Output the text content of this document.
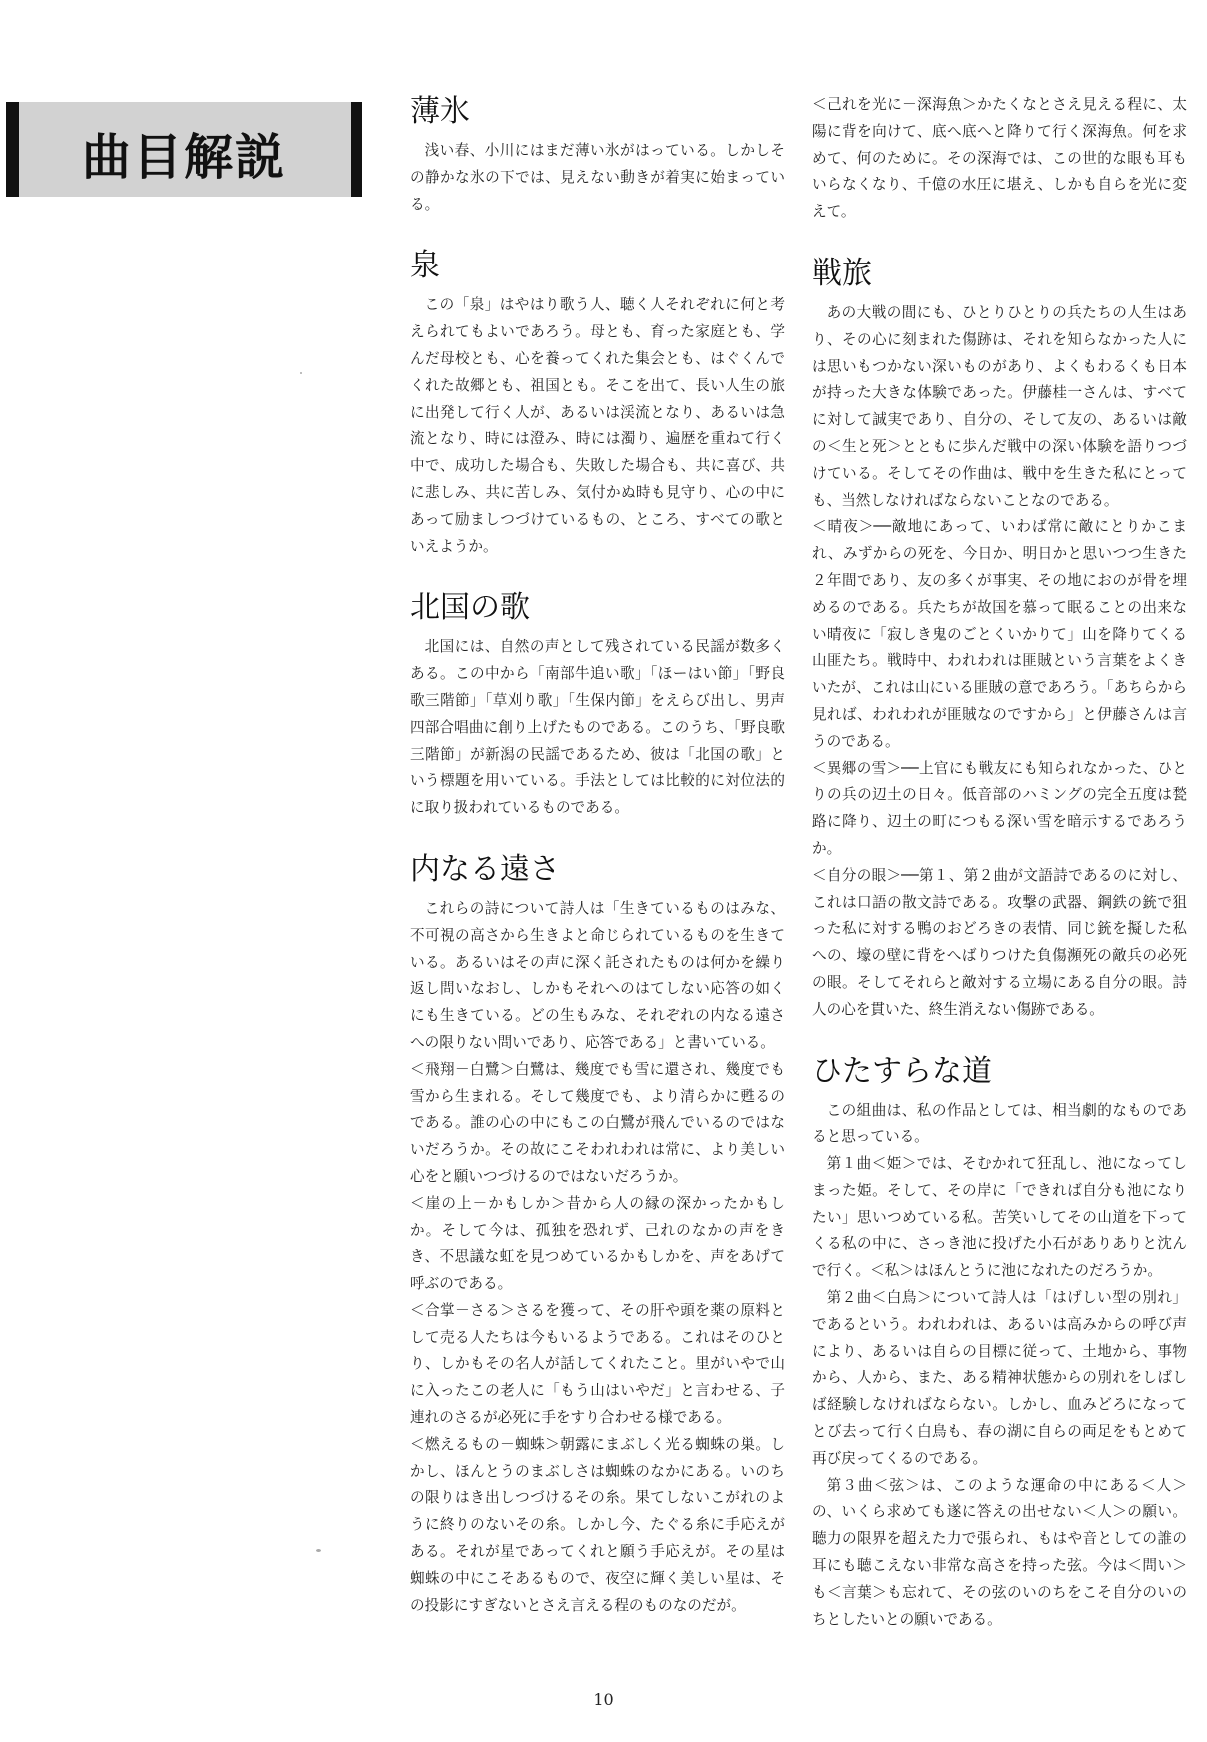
曲目解説
薄氷

浅い春、小川にはまだ薄い氷がはっている。しかしその静かな氷の下では、見えない動きが着実に始まっている。

泉

この「泉」はやはり歌う人、聴く人それぞれに何と考えられてもよいであろう。母とも、育った家庭とも、学んだ母校とも、心を養ってくれた集会とも、はぐくんでくれた故郷とも、祖国とも。そこを出て、長い人生の旅に出発して行く人が、あるいは渓流となり、あるいは急流となり、時には澄み、時には濁り、遍歴を重ねて行く中で、成功した場合も、失敗した場合も、共に喜び、共に悲しみ、共に苦しみ、気付かぬ時も見守り、心の中にあって励ましつづけているもの、ところ、すべての歌といえようか。

北国の歌

北国には、自然の声として残されている民謡が数多くある。この中から「南部牛追い歌」「ほーはい節」「野良歌三階節」「草刈り歌」「生保内節」をえらび出し、男声四部合唱曲に創り上げたものである。このうち、「野良歌三階節」が新潟の民謡であるため、彼は「北国の歌」という標題を用いている。手法としては比較的に対位法的に取り扱われているものである。

内なる遠さ

これらの詩について詩人は「生きているものはみな、不可視の高さから生きよと命じられているものを生きている。あるいはその声に深く託されたものは何かを繰り返し問いなおし、しかもそれへのはてしない応答の如くにも生きている。どの生もみな、それぞれの内なる遠さへの限りない問いであり、応答である」と書いている。

＜飛翔－白鷺＞白鷺は、幾度でも雪に還され、幾度でも雪から生まれる。そして幾度でも、より清らかに甦るのである。誰の心の中にもこの白鷺が飛んでいるのではないだろうか。その故にこそわれわれは常に、より美しい心をと願いつづけるのではないだろうか。

＜崖の上－かもしか＞昔から人の縁の深かったかもしか。そして今は、孤独を恐れず、己れのなかの声をきき、不思議な虹を見つめているかもしかを、声をあげて呼ぶのである。

＜合掌－さる＞さるを獲って、その肝や頭を薬の原料として売る人たちは今もいるようである。これはそのひとり、しかもその名人が話してくれたこと。里がいやで山に入ったこの老人に「もう山はいやだ」と言わせる、子連れのさるが必死に手をすり合わせる様である。

＜燃えるもの－蜘蛛＞朝露にまぶしく光る蜘蛛の巣。しかし、ほんとうのまぶしさは蜘蛛のなかにある。いのちの限りはき出しつづけるその糸。果てしないこがれのように終りのないその糸。しかし今、たぐる糸に手応えがある。それが星であってくれと願う手応えが。その星は蜘蛛の中にこそあるもので、夜空に輝く美しい星は、その投影にすぎないとさえ言える程のものなのだが。

＜己れを光に－深海魚＞かたくなとさえ見える程に、太陽に背を向けて、底へ底へと降りて行く深海魚。何を求めて、何のために。その深海では、この世的な眼も耳もいらなくなり、千億の水圧に堪え、しかも自らを光に変えて。

戦旅

あの大戦の間にも、ひとりひとりの兵たちの人生はあり、その心に刻まれた傷跡は、それを知らなかった人には思いもつかない深いものがあり、よくもわるくも日本が持った大きな体験であった。伊藤桂一さんは、すべてに対して誠実であり、自分の、そして友の、あるいは敵の＜生と死＞とともに歩んだ戦中の深い体験を語りつづけている。そしてその作曲は、戦中を生きた私にとっても、当然しなければならないことなのである。

＜晴夜＞──敵地にあって、いわば常に敵にとりかこまれ、みずからの死を、今日か、明日かと思いつつ生きた２年間であり、友の多くが事実、その地におのが骨を埋めるのである。兵たちが故国を慕って眠ることの出来ない晴夜に「寂しき鬼のごとくいかりて」山を降りてくる山匪たち。戦時中、われわれは匪賊という言葉をよくきいたが、これは山にいる匪賊の意であろう。「あちらから見れば、われわれが匪賊なのですから」と伊藤さんは言うのである。

＜異郷の雪＞──上官にも戦友にも知られなかった、ひとりの兵の辺土の日々。低音部のハミングの完全五度は甃路に降り、辺土の町につもる深い雪を暗示するであろうか。

＜自分の眼＞──第１、第２曲が文語詩であるのに対し、これは口語の散文詩である。攻撃の武器、鋼鉄の銃で狙った私に対する鴨のおどろきの表情、同じ銃を擬した私への、壕の壁に背をへばりつけた負傷瀕死の敵兵の必死の眼。そしてそれらと敵対する立場にある自分の眼。詩人の心を貫いた、終生消えない傷跡である。

ひたすらな道

この組曲は、私の作品としては、相当劇的なものであると思っている。

第１曲＜姫＞では、そむかれて狂乱し、池になってしまった姫。そして、その岸に「できれば自分も池になりたい」思いつめている私。苦笑いしてその山道を下ってくる私の中に、さっき池に投げた小石がありありと沈んで行く。＜私＞はほんとうに池になれたのだろうか。

第２曲＜白鳥＞について詩人は「はげしい型の別れ」であるという。われわれは、あるいは高みからの呼び声により、あるいは自らの目標に従って、土地から、事物から、人から、また、ある精神状態からの別れをしばしば経験しなければならない。しかし、血みどろになってとび去って行く白鳥も、春の湖に自らの両足をもとめて再び戻ってくるのである。

第３曲＜弦＞は、このような運命の中にある＜人＞の、いくら求めても遂に答えの出せない＜人＞の願い。聴力の限界を超えた力で張られ、もはや音としての誰の耳にも聴こえない非常な高さを持った弦。今は＜問い＞も＜言葉＞も忘れて、その弦のいのちをこそ自分のいのちとしたいとの願いである。

10
